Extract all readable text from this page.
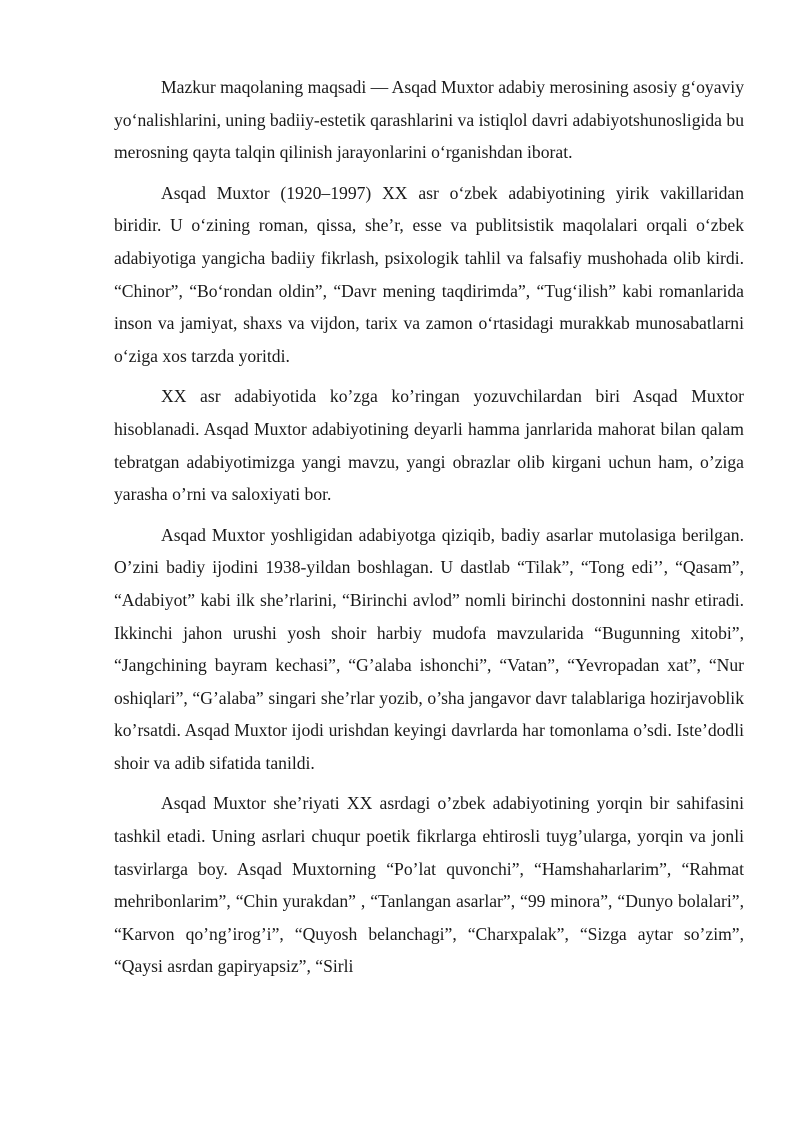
Mazkur maqolaning maqsadi — Asqad Muxtor adabiy merosining asosiy g‘oyaviy yo‘nalishlarini, uning badiiy-estetik qarashlarini va istiqlol davri adabiyotshunosligida bu merosning qayta talqin qilinish jarayonlarini o‘rganishdan iborat.

Asqad Muxtor (1920–1997) XX asr o‘zbek adabiyotining yirik vakillaridan biridir. U o‘zining roman, qissa, she’r, esse va publitsistik maqolalari orqali o‘zbek adabiyotiga yangicha badiiy fikrlash, psixologik tahlil va falsafiy mushohada olib kirdi. “Chinor”, “Bo‘rondan oldin”, “Davr mening taqdirimda”, “Tug‘ilish” kabi romanlarida inson va jamiyat, shaxs va vijdon, tarix va zamon o‘rtasidagi murakkab munosabatlarni o‘ziga xos tarzda yoritdi.

XX asr adabiyotida ko’zga ko’ringan yozuvchilardan biri Asqad Muxtor hisoblanadi. Asqad Muxtor adabiyotining deyarli hamma janrlarida mahorat bilan qalam tebratgan adabiyotimizga yangi mavzu, yangi obrazlar olib kirgani uchun ham, o’ziga yarasha o’rni va saloxiyati bor.

Asqad Muxtor yoshligidan adabiyotga qiziqib, badiy asarlar mutolasiga berilgan. O’zini badiy ijodini 1938-yildan boshlagan. U dastlab “Tilak”, “Tong edi’’, “Qasam”, “Adabiyot” kabi ilk she’rlarini, “Birinchi avlod” nomli birinchi dostonnini nashr etiradi. Ikkinchi jahon urushi yosh shoir harbiy mudofa mavzularida “Bugunning xitobi”, “Jangchining bayram kechasi”, “G’alaba ishonchi”, “Vatan”, “Yevropadan xat”, “Nur oshiqlari”, “G’alaba” singari she’rlar yozib, o’sha jangavor davr talablariga hozirjavoblik ko’rsatdi. Asqad Muxtor ijodi urishdan keyingi davrlarda har tomonlama o’sdi. Iste’dodli shoir va adib sifatida tanildi.

Asqad Muxtor she’riyati XX asrdagi o’zbek adabiyotining yorqin bir sahifasini tashkil etadi. Uning asrlari chuqur poetik fikrlarga ehtirosli tuyg’ularga, yorqin va jonli tasvirlarga boy. Asqad Muxtorning “Po’lat quvonchi”, “Hamshaharlarim”, “Rahmat mehribonlarim”, “Chin yurakdan” , “Tanlangan asarlar”, “99 minora”, “Dunyo bolalari”, “Karvon qo’ng’irog’i”, “Quyosh belanchagi”, “Charxpalak”, “Sizga aytar so’zim”, “Qaysi asrdan gapiryapsiz”, “Sirli
